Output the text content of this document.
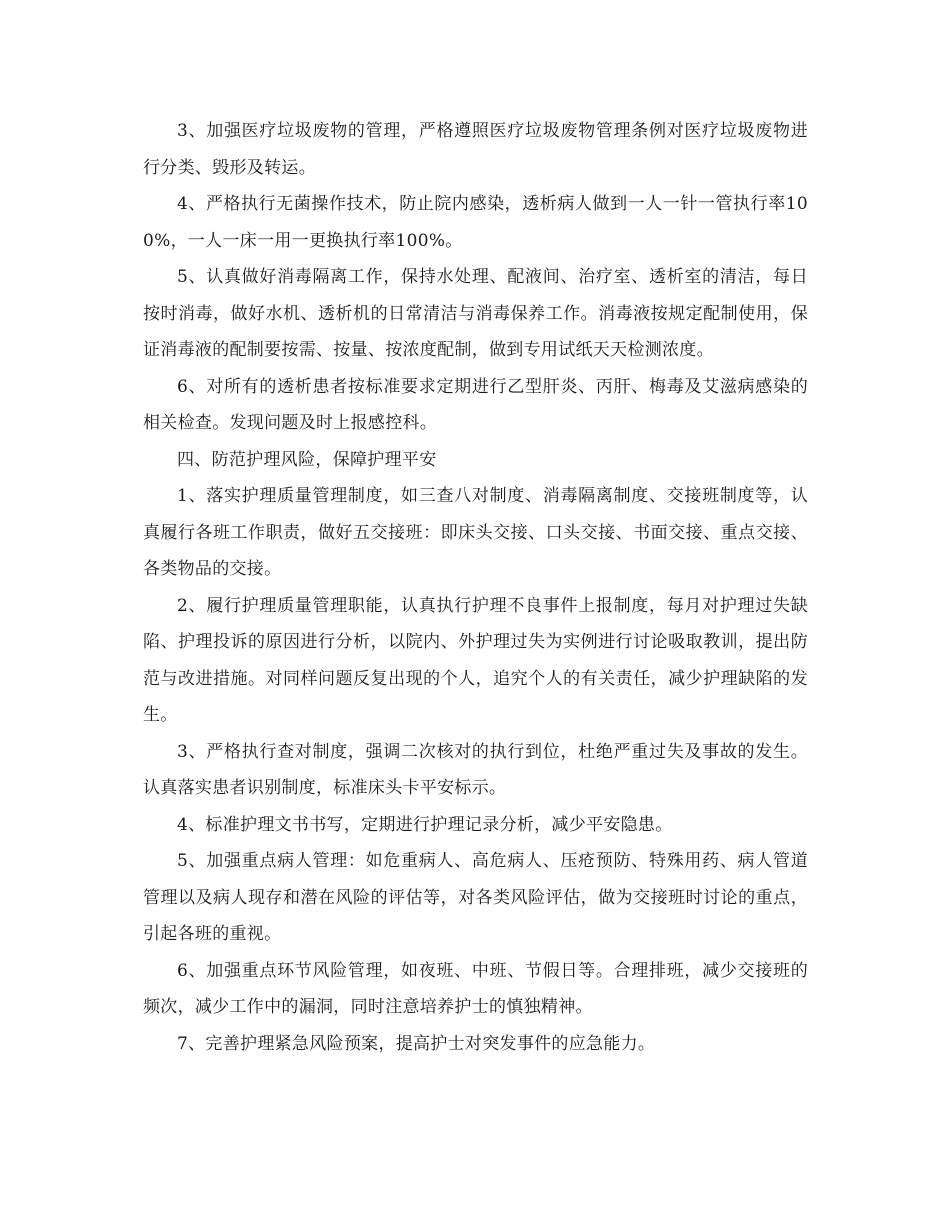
3、加强医疗垃圾废物的管理，严格遵照医疗垃圾废物管理条例对医疗垃圾废物进行分类、毁形及转运。

4、严格执行无菌操作技术，防止院内感染，透析病人做到一人一针一管执行率100%，一人一床一用一更换执行率100%。

5、认真做好消毒隔离工作，保持水处理、配液间、治疗室、透析室的清洁，每日按时消毒，做好水机、透析机的日常清洁与消毒保养工作。消毒液按规定配制使用，保证消毒液的配制要按需、按量、按浓度配制，做到专用试纸天天检测浓度。

6、对所有的透析患者按标准要求定期进行乙型肝炎、丙肝、梅毒及艾滋病感染的相关检查。发现问题及时上报感控科。

四、防范护理风险，保障护理平安

1、落实护理质量管理制度，如三查八对制度、消毒隔离制度、交接班制度等，认真履行各班工作职责，做好五交接班：即床头交接、口头交接、书面交接、重点交接、各类物品的交接。

2、履行护理质量管理职能，认真执行护理不良事件上报制度，每月对护理过失缺陷、护理投诉的原因进行分析，以院内、外护理过失为实例进行讨论吸取教训，提出防范与改进措施。对同样问题反复出现的个人，追究个人的有关责任，减少护理缺陷的发生。

3、严格执行查对制度，强调二次核对的执行到位，杜绝严重过失及事故的发生。认真落实患者识别制度，标准床头卡平安标示。

4、标准护理文书书写，定期进行护理记录分析，减少平安隐患。

5、加强重点病人管理：如危重病人、高危病人、压疮预防、特殊用药、病人管道管理以及病人现存和潜在风险的评估等，对各类风险评估，做为交接班时讨论的重点，引起各班的重视。

6、加强重点环节风险管理，如夜班、中班、节假日等。合理排班，减少交接班的频次，减少工作中的漏洞，同时注意培养护士的慎独精神。

7、完善护理紧急风险预案，提高护士对突发事件的应急能力。
